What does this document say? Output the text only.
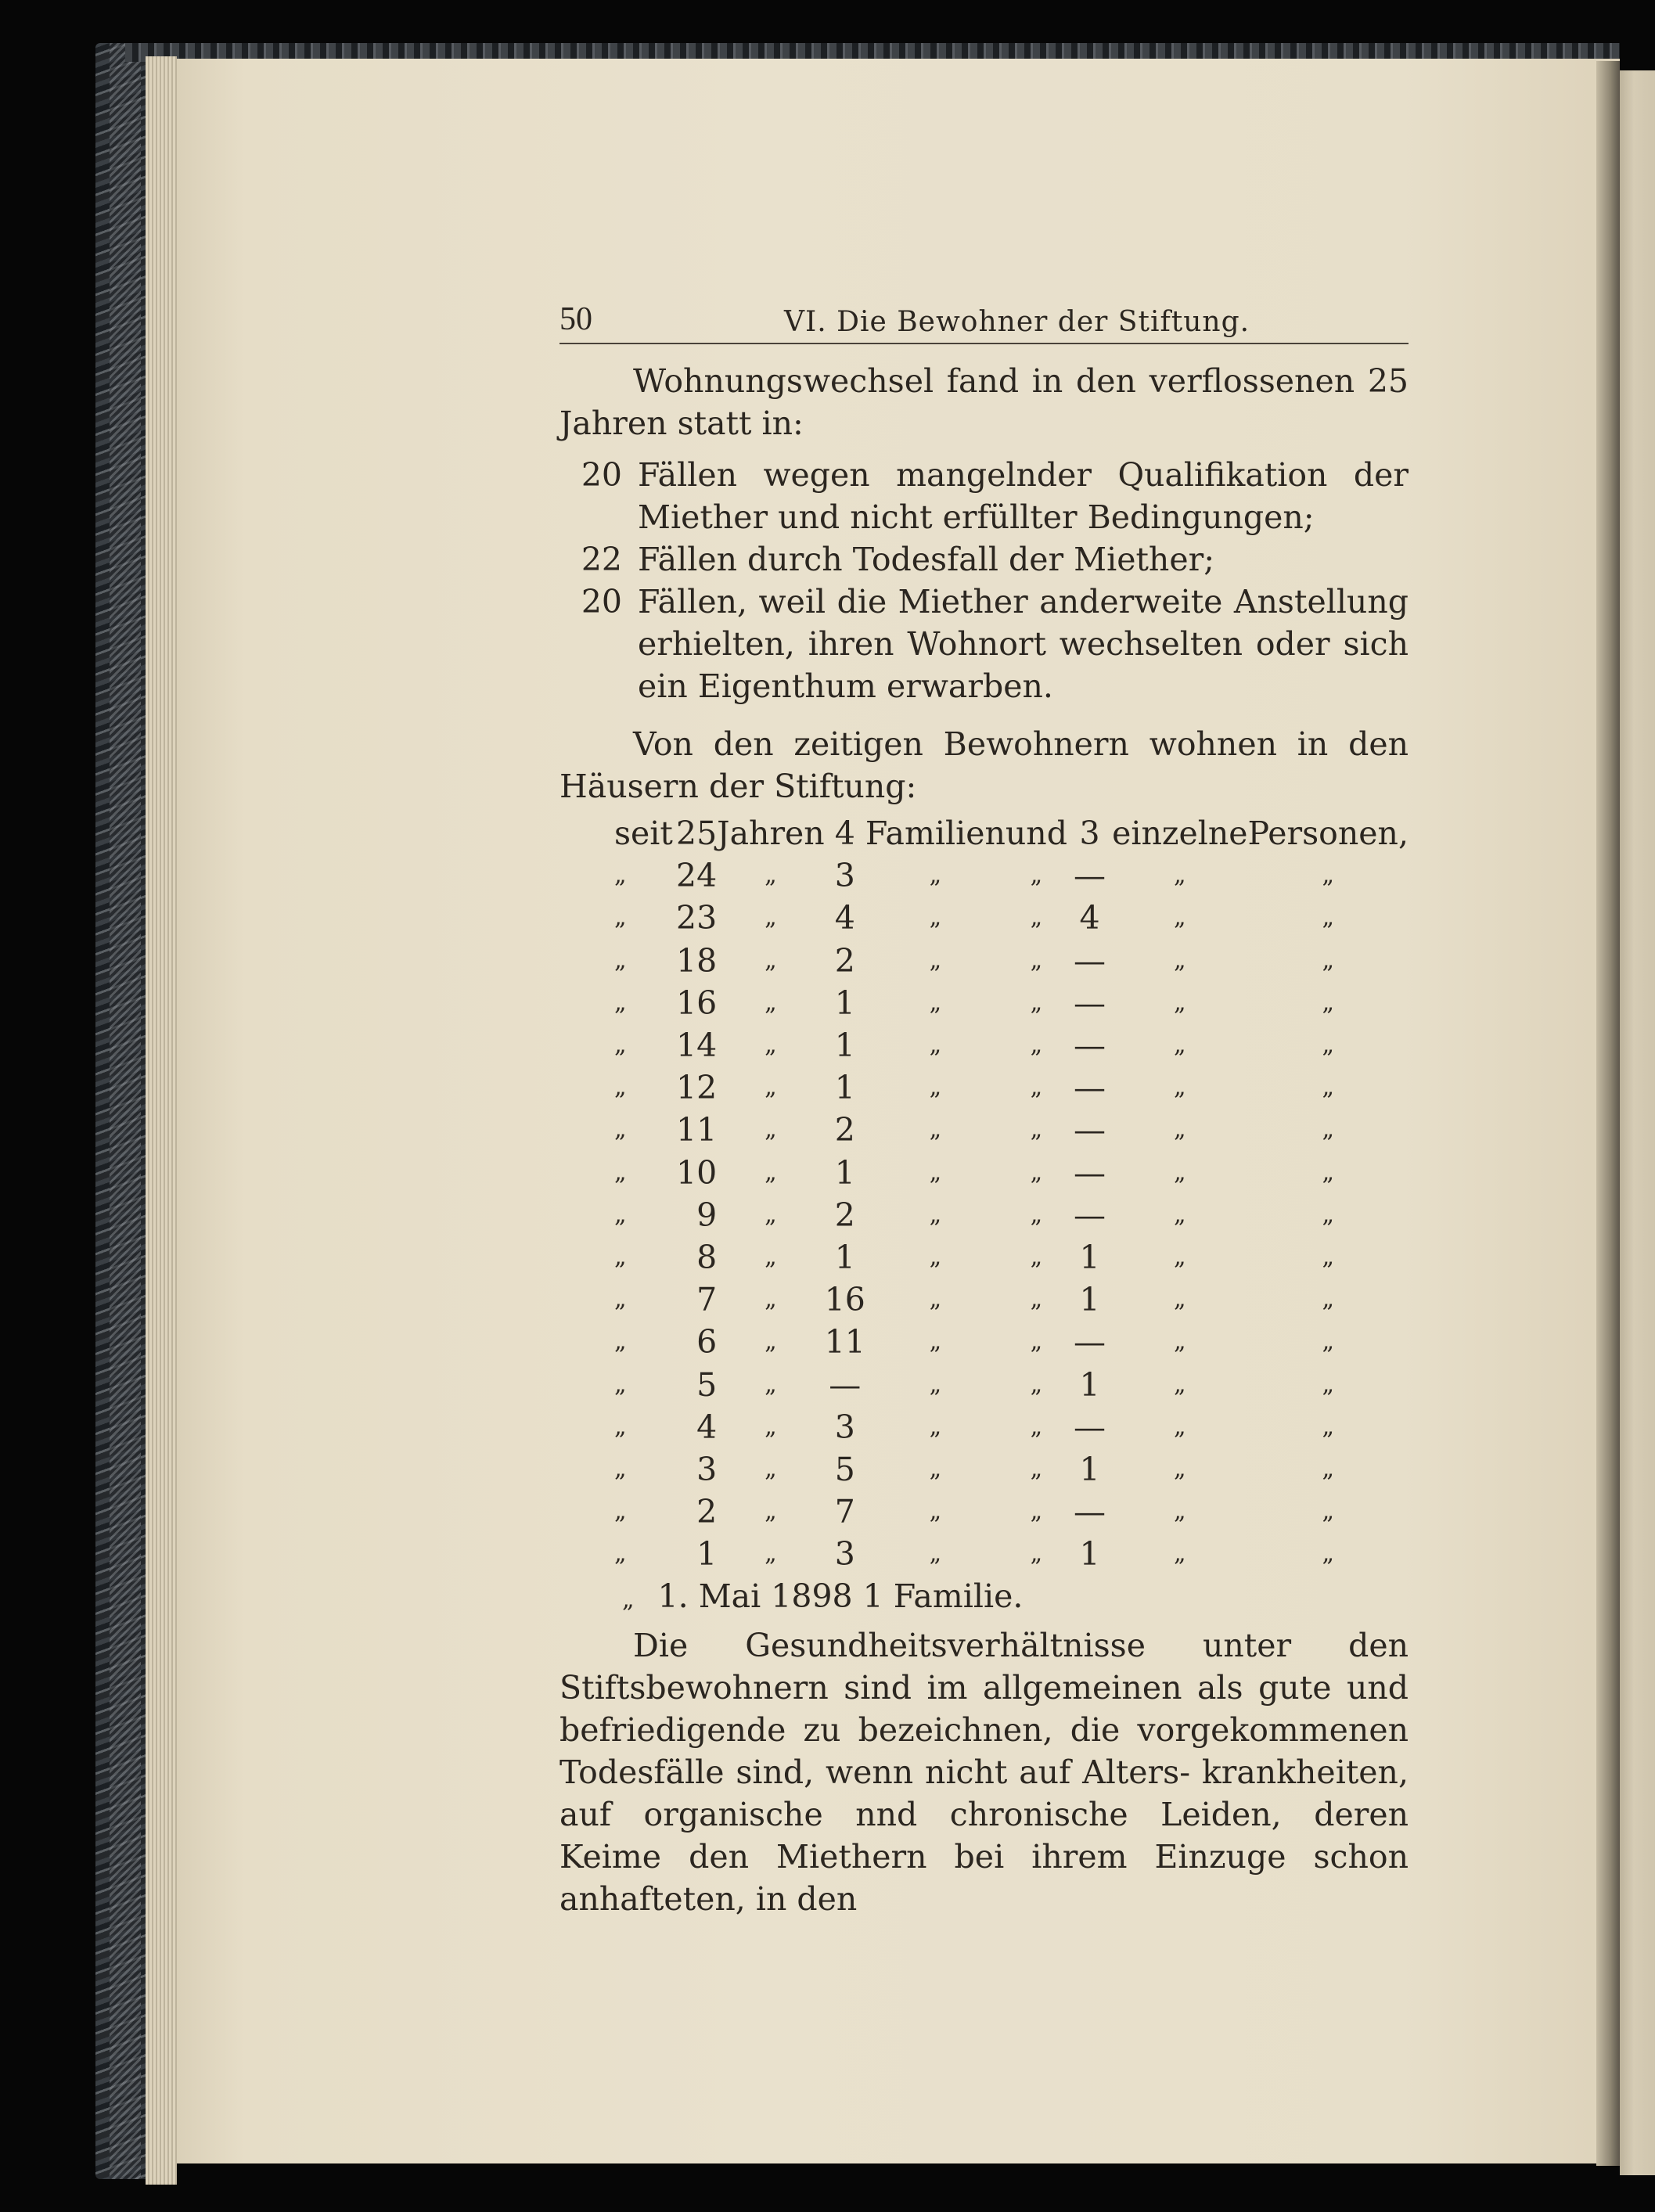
50	VI. Die Bewohner der Stiftung.

Wohnungswechsel fand in den verflossenen 25 Jahren statt in:

20 Fällen wegen mangelnder Qualifikation der Miether und nicht erfüllter Bedingungen;
22 Fällen durch Todesfall der Miether;
20 Fällen, weil die Miether anderweite Anstellung erhielten, ihren Wohnort wechselten oder sich ein Eigenthum erwarben.

Von den zeitigen Bewohnern wohnen in den Häusern der Stiftung:

seit	25	Jahren	4	Familien	und	3	einzelne	Personen,
„	24	„	3	„	„	—	„	„
„	23	„	4	„	„	4	„	„
„	18	„	2	„	„	—	„	„
„	16	„	1	„	„	—	„	„
„	14	„	1	„	„	—	„	„
„	12	„	1	„	„	—	„	„
„	11	„	2	„	„	—	„	„
„	10	„	1	„	„	—	„	„
„	9	„	2	„	„	—	„	„
„	8	„	1	„	„	1	„	„
„	7	„	16	„	„	1	„	„
„	6	„	11	„	„	—	„	„
„	5	„	—	„	„	1	„	„
„	4	„	3	„	„	—	„	„
„	3	„	5	„	„	1	„	„
„	2	„	7	„	„	—	„	„
„	1	„	3	„	„	1	„	„
„ 1. Mai 1898 1 Familie.

Die Gesundheitsverhältnisse unter den Stiftsbewohnern sind im allgemeinen als gute und befriedigende zu bezeichnen, die vorgekommenen Todesfälle sind, wenn nicht auf Alters- krankheiten, auf organische nnd chronische Leiden, deren Keime den Miethern bei ihrem Einzuge schon anhafteten, in den
